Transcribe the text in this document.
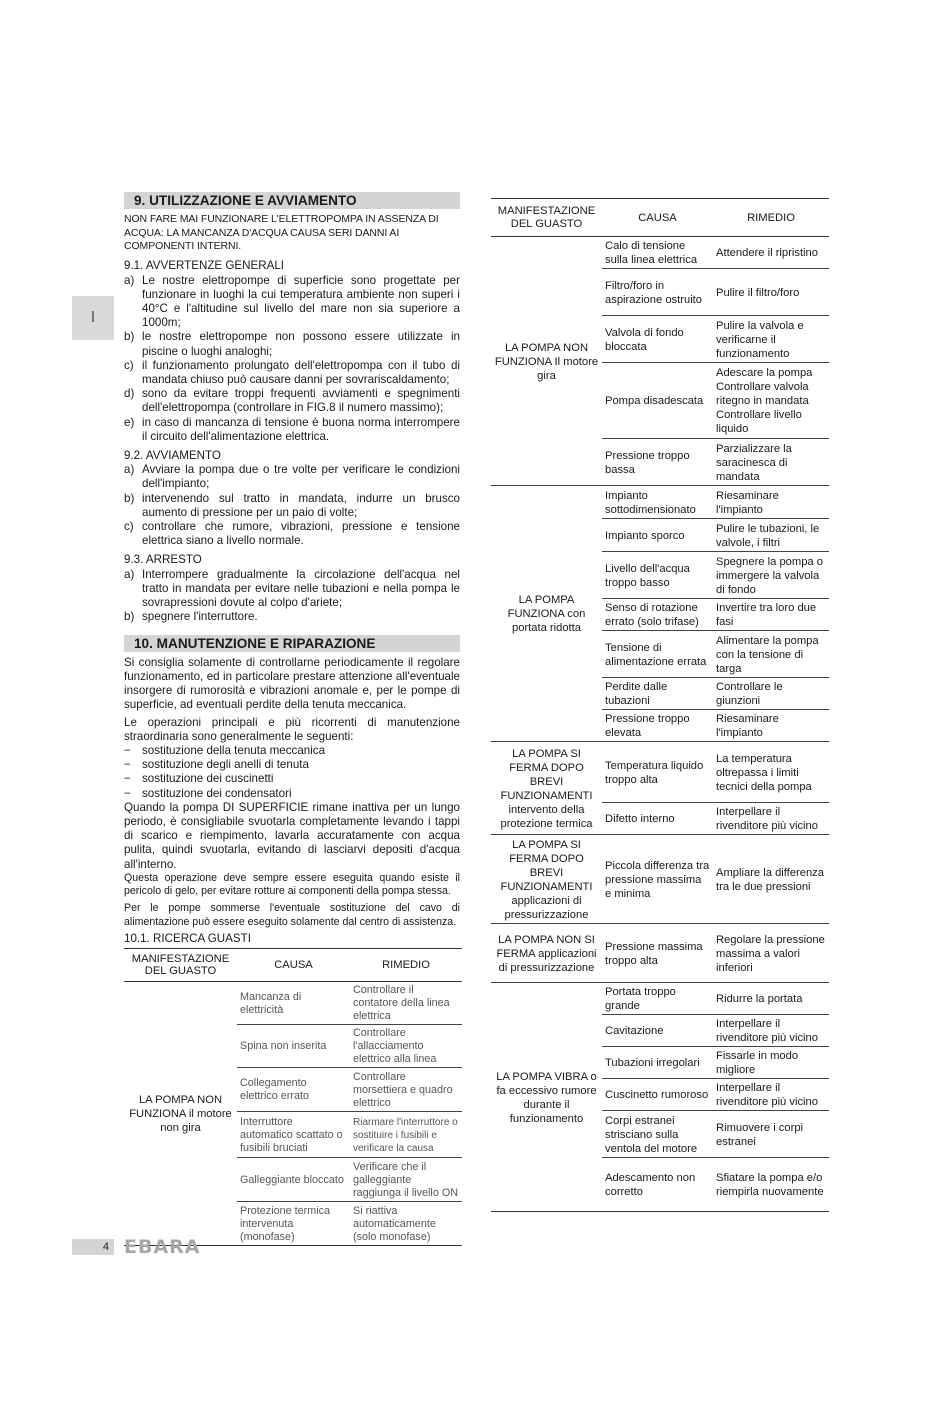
I
9. UTILIZZAZIONE E AVVIAMENTO
NON FARE MAI FUNZIONARE L'ELETTROPOMPA IN ASSENZA DI ACQUA: LA MANCANZA D'ACQUA CAUSA SERI DANNI AI COMPONENTI INTERNI.
9.1. AVVERTENZE GENERALI
a) Le nostre elettropompe di superficie sono progettate per funzionare in luoghi la cui temperatura ambiente non superi i 40°C e l'altitudine sul livello del mare non sia superiore a 1000m;
b) le nostre elettropompe non possono essere utilizzate in piscine o luoghi analoghi;
c) il funzionamento prolungato dell'elettropompa con il tubo di mandata chiuso può causare danni per sovrariscaldamento;
d) sono da evitare troppi frequenti avviamenti e spegnimenti dell'elettropompa (controllare in FIG.8 il numero massimo);
e) in caso di mancanza di tensione è buona norma interrompere il circuito dell'alimentazione elettrica.
9.2. AVVIAMENTO
a) Avviare la pompa due o tre volte per verificare le condizioni dell'impianto;
b) intervenendo sul tratto in mandata, indurre un brusco aumento di pressione per un paio di volte;
c) controllare che rumore, vibrazioni, pressione e tensione elettrica siano a livello normale.
9.3. ARRESTO
a) Interrompere gradualmente la circolazione dell'acqua nel tratto in mandata per evitare nelle tubazioni e nella pompa le sovrapressioni dovute al colpo d'ariete;
b) spegnere l'interruttore.
10. MANUTENZIONE E RIPARAZIONE

Si consiglia solamente di controllarne periodicamente il regolare funzionamento, ed in particolare prestare attenzione all'eventuale insorgere di rumorosità e vibrazioni anomale e, per le pompe di superficie, ad eventuali perdite della tenuta meccanica.

Le operazioni principali e più ricorrenti di manutenzione straordinaria sono generalmente le seguenti:

− sostituzione della tenuta meccanica
− sostituzione degli anelli di tenuta
− sostituzione dei cuscinetti
− sostituzione dei condensatori

Quando la pompa DI SUPERFICIE rimane inattiva per un lungo periodo, è consigliabile svuotarla completamente levando i tappi di scarico e riempimento, lavarla accuratamente con acqua pulita, quindi svuotarla, evitando di lasciarvi depositi d'acqua all'interno.

Questa operazione deve sempre essere eseguita quando esiste il pericolo di gelo, per evitare rotture ai componenti della pompa stessa.

Per le pompe sommerse l'eventuale sostituzione del cavo di alimentazione può essere eseguito solamente dal centro di assistenza.

10.1. RICERCA GUASTI
MANIFESTAZIONE DEL GUASTO	CAUSA	RIMEDIO
LA POMPA NON FUNZIONA il motore non gira	Mancanza di elettricità	Controllare il contatore della linea elettrica
	Spina non inserita	Controllare l'allacciamento elettrico alla linea
	Collegamento elettrico errato	Controllare morsettiera e quadro elettrico
	Interruttore automatico scattato o fusibili bruciati	Riarmare l'interruttore o sostituire i fusibili e verificare la causa
	Galleggiante bloccato	Verificare che il galleggiante raggiunga il livello ON
	Protezione termica intervenuta (monofase)	Si riattiva automaticamente (solo monofase)
MANIFESTAZIONE DEL GUASTO	CAUSA	RIMEDIO
LA POMPA NON FUNZIONA Il motore gira	Calo di tensione sulla linea elettrica	Attendere il ripristino
	Filtro/foro in aspirazione ostruito	Pulire il filtro/foro
	Valvola di fondo bloccata	Pulire la valvola e verificarne il funzionamento
	Pompa disadescata	Adescare la pompa Controllare valvola ritegno in mandata Controllare livello liquido
	Pressione troppo bassa	Parzializzare la saracinesca di mandata
LA POMPA FUNZIONA con portata ridotta	Impianto sottodimensionato	Riesaminare l'impianto
	Impianto sporco	Pulire le tubazioni, le valvole, i filtri
	Livello dell'acqua troppo basso	Spegnere la pompa o immergere la valvola di fondo
	Senso di rotazione errato (solo trifase)	Invertire tra loro due fasi
	Tensione di alimentazione errata	Alimentare la pompa con la tensione di targa
	Perdite dalle tubazioni	Controllare le giunzioni
	Pressione troppo elevata	Riesaminare l'impianto
LA POMPA SI FERMA DOPO BREVI FUNZIONAMENTI intervento della protezione termica	Temperatura liquido troppo alta	La temperatura oltrepassa i limiti tecnici della pompa
	Difetto interno	Interpellare il rivenditore più vicino
LA POMPA SI FERMA DOPO BREVI FUNZIONAMENTI applicazioni di pressurizzazione	Piccola differenza tra pressione massima e minima	Ampliare la differenza tra le due pressioni
LA POMPA NON SI FERMA applicazioni di pressurizzazione	Pressione massima troppo alta	Regolare la pressione massima a valori inferiori
LA POMPA VIBRA o fa eccessivo rumore durante il funzionamento	Portata troppo grande	Ridurre la portata
	Cavitazione	Interpellare il rivenditore più vicino
	Tubazioni irregolari	Fissarle in modo migliore
	Cuscinetto rumoroso	Interpellare il rivenditore più vicino
	Corpi estranei strisciano sulla ventola del motore	Rimuovere i corpi estranei
	Adescamento non corretto	Sfiatare la pompa e/o riempirla nuovamente
4 EBARA
